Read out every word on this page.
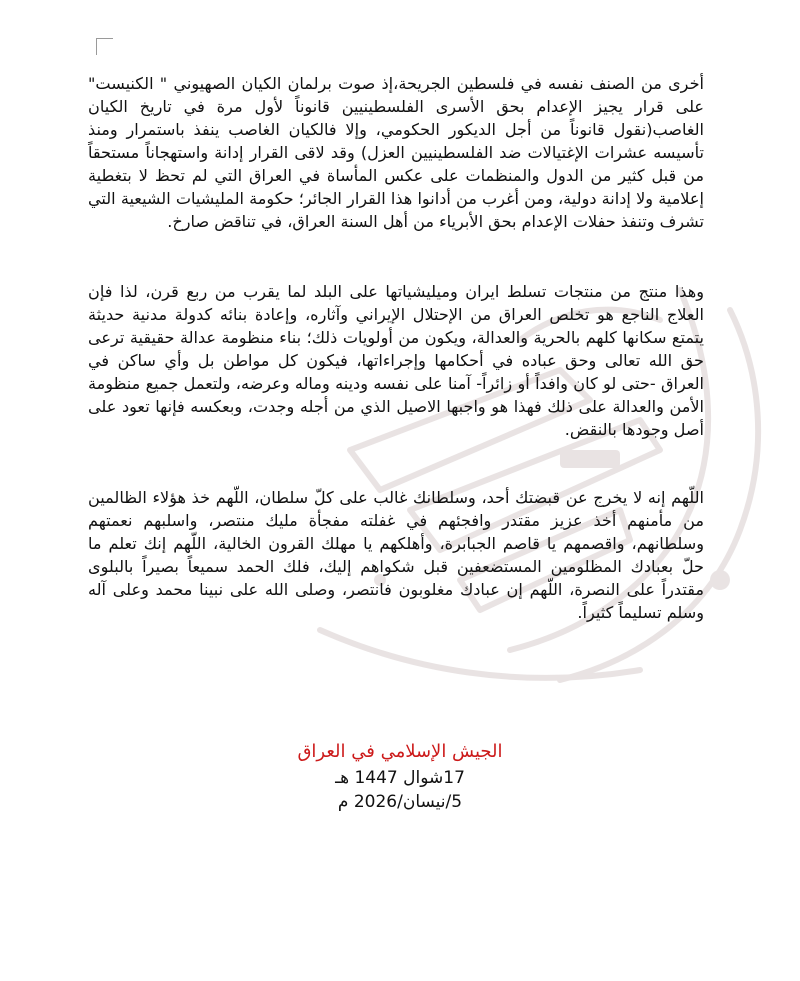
أخرى من الصنف نفسه في فلسطين الجريحة،إذ صوت برلمان الكيان الصهيوني " الكنيست" على قرار يجيز الإعدام بحق الأسرى الفلسطينيين قانوناً لأول مرة في تاريخ الكيان الغاصب(نقول قانوناً من أجل الديكور الحكومي، وإلا فالكيان الغاصب ينفذ باستمرار ومنذ تأسيسه عشرات الإغتيالات ضد الفلسطينيين العزل) وقد لاقى القرار إدانة واستهجاناً مستحقاً من قبل كثير من الدول والمنظمات على عكس المأساة في العراق التي لم تحظ لا بتغطية إعلامية ولا إدانة دولية، ومن أغرب من أدانوا هذا القرار الجائر؛ حكومة المليشيات الشيعية التي تشرف وتنفذ حفلات الإعدام بحق الأبرياء من أهل السنة العراق، في تناقض صارخ.

وهذا منتج من منتجات تسلط ايران وميليشياتها على البلد لما يقرب من ربع قرن، لذا فإن العلاج الناجع هو تخلص العراق من الإحتلال الإيراني وآثاره، وإعادة بنائه كدولة مدنية حديثة يتمتع سكانها كلهم بالحرية والعدالة، ويكون من أولويات ذلك؛ بناء منظومة عدالة حقيقية ترعى حق الله تعالى وحق عباده في أحكامها وإجراءاتها، فيكون كل مواطن بل وأي ساكن في العراق -حتى لو كان وافداً أو زائراً- آمنا على نفسه ودينه وماله وعرضه، ولتعمل جميع منظومة الأمن والعدالة على ذلك فهذا هو واجبها الاصيل الذي من أجله وجدت، وبعكسه فإنها تعود على أصل وجودها بالنقض.

اللّهم إنه لا يخرج عن قبضتك أحد، وسلطانك غالب على كلّ سلطان، اللّهم خذ هؤلاء الظالمين من مأمنهم أخذ عزيز مقتدر وافجئهم في غفلته مفجأة مليك منتصر، واسلبهم نعمتهم وسلطانهم، واقصمهم يا قاصم الجبابرة، وأهلكهم يا مهلك القرون الخالية، اللّهم إنك تعلم ما حلّ بعبادك المظلومين المستضعفين قبل شكواهم إليك، فلك الحمد سميعاً بصيراً بالبلوى مقتدراً على النصرة، اللّهم إن عبادك مغلوبون فانتصر، وصلى الله على نبينا محمد وعلى آله وسلم تسليماً كثيراً.

الجيش الإسلامي في العراق
17شوال 1447 هـ
5/نيسان/2026 م
